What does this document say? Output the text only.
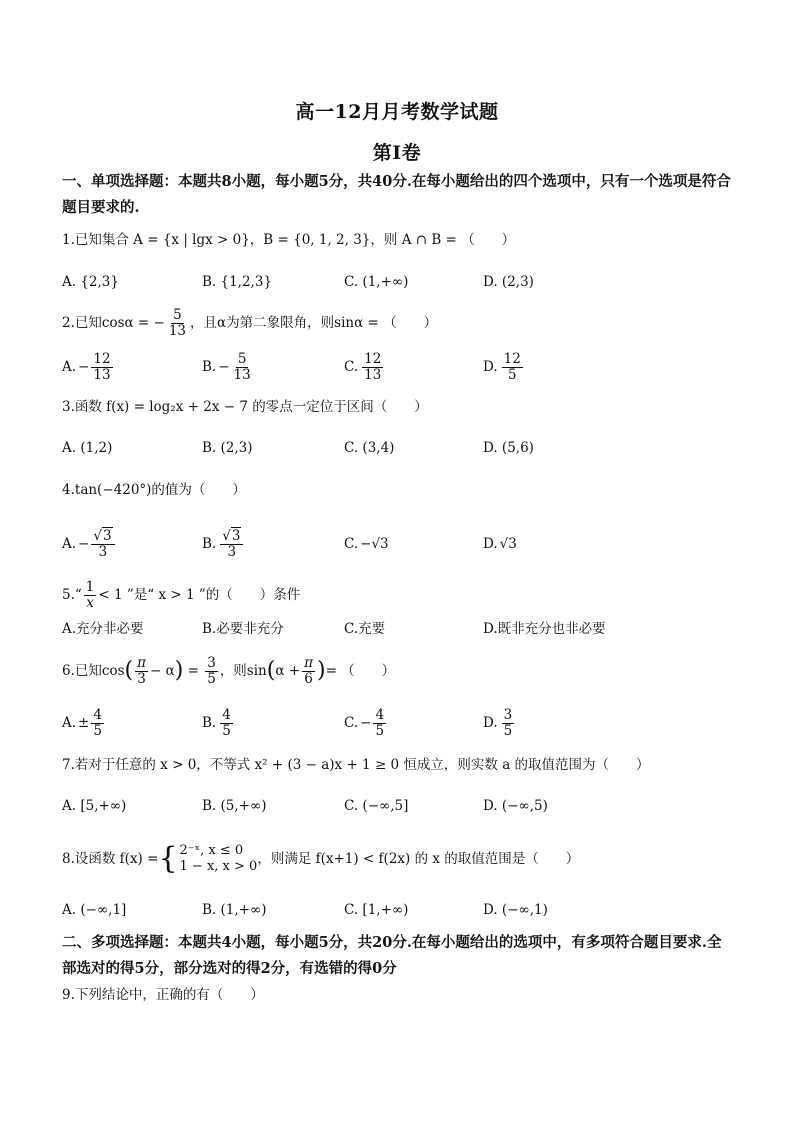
高一12月月考数学试题
第Ⅰ卷
一、单项选择题：本题共8小题，每小题5分，共40分.在每小题给出的四个选项中，只有一个选项是符合题目要求的.
1.已知集合 A = {x | lgx > 0}，B = {0, 1, 2, 3}，则 A ∩ B = （　　）
A. {2,3}	B. {1,2,3}	C. (1,+∞)	D. (2,3)
2. 已知cosα = − $\frac{5}{13}$ ，且α为第二象限角，则sinα = （　　）
A. − $\frac{12}{13}$	B. − $\frac{5}{13}$	C. $\frac{12}{13}$	D. $\frac{12}{5}$
3.函数 f(x) = log₂x + 2x − 7 的零点一定位于区间（　　）
A. (1,2)	B. (2,3)	C. (3,4)	D. (5,6)
4.tan(−420°)的值为（　　）
A. − $\frac{√3}{3}$	B. $\frac{√3}{3}$	C. −√3	D. √3
5. “ $\frac{1}{x} < 1$ ”是“ x > 1 ”的（　　）条件
A.充分非必要	B.必要非充分	C.充要	D.既非充分也非必要
6. 已知cos ( $\frac{\pi}{3} - \alpha$ ) = $\frac{3}{5}$ ，则sin ( $\alpha + \frac{\pi}{6}$ ) = （　　）
A. ± $\frac{4}{5}$	B. $\frac{4}{5}$	C. − $\frac{4}{5}$	D. $\frac{3}{5}$
7.若对于任意的 x > 0，不等式 x² + (3 − a)x + 1 ≥ 0 恒成立，则实数 a 的取值范围为（　　）
A. [5,+∞)	B. (5,+∞)	C. (−∞,5]	D. (−∞,5)
8. 设函数 f(x) = { 2⁻ˣ, x ≤ 0
1 − x, x > 0 ，则满足 f(x+1) < f(2x) 的 x 的取值范围是（　　）
A. (−∞,1]	B. (1,+∞)	C. [1,+∞)	D. (−∞,1)
二、多项选择题：本题共4小题，每小题5分，共20分.在每小题给出的选项中，有多项符合题目要求.全部选对的得5分，部分选对的得2分，有选错的得0分
9.下列结论中，正确的有（　　）
